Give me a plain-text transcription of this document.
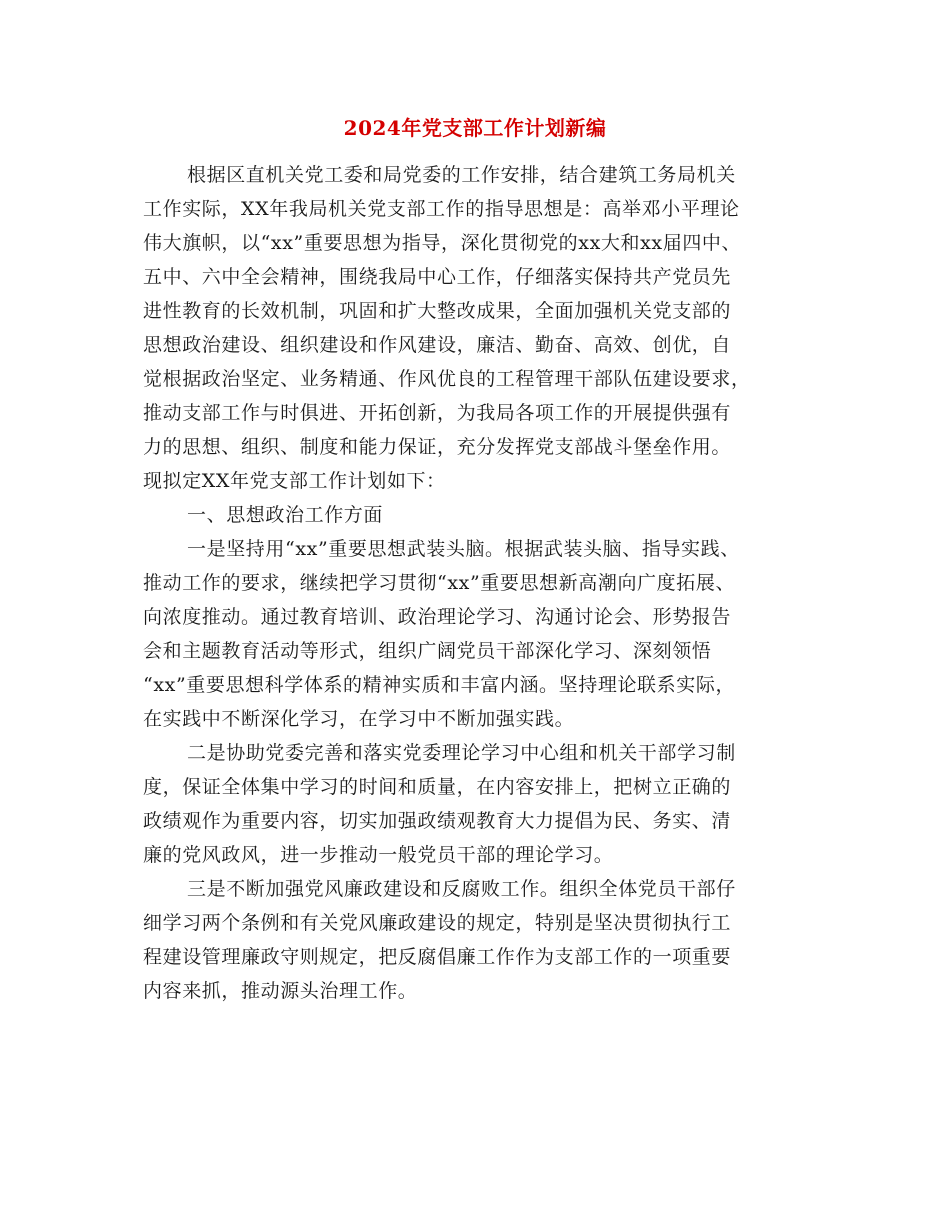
2024年党支部工作计划新编
根据区直机关党工委和局党委的工作安排，结合建筑工务局机关
工作实际，XX年我局机关党支部工作的指导思想是：高举邓小平理论
伟大旗帜，以“xx”重要思想为指导，深化贯彻党的xx大和xx届四中、
五中、六中全会精神，围绕我局中心工作，仔细落实保持共产党员先
进性教育的长效机制，巩固和扩大整改成果，全面加强机关党支部的
思想政治建设、组织建设和作风建设，廉洁、勤奋、高效、创优，自
觉根据政治坚定、业务精通、作风优良的工程管理干部队伍建设要求，
推动支部工作与时俱进、开拓创新，为我局各项工作的开展提供强有
力的思想、组织、制度和能力保证，充分发挥党支部战斗堡垒作用。
现拟定XX年党支部工作计划如下：
一、思想政治工作方面
一是坚持用“xx”重要思想武装头脑。根据武装头脑、指导实践、
推动工作的要求，继续把学习贯彻“xx”重要思想新高潮向广度拓展、
向浓度推动。通过教育培训、政治理论学习、沟通讨论会、形势报告
会和主题教育活动等形式，组织广阔党员干部深化学习、深刻领悟
“xx”重要思想科学体系的精神实质和丰富内涵。坚持理论联系实际，
在实践中不断深化学习，在学习中不断加强实践。
二是协助党委完善和落实党委理论学习中心组和机关干部学习制
度，保证全体集中学习的时间和质量，在内容安排上，把树立正确的
政绩观作为重要内容，切实加强政绩观教育大力提倡为民、务实、清
廉的党风政风，进一步推动一般党员干部的理论学习。
三是不断加强党风廉政建设和反腐败工作。组织全体党员干部仔
细学习两个条例和有关党风廉政建设的规定，特别是坚决贯彻执行工
程建设管理廉政守则规定，把反腐倡廉工作作为支部工作的一项重要
内容来抓，推动源头治理工作。
